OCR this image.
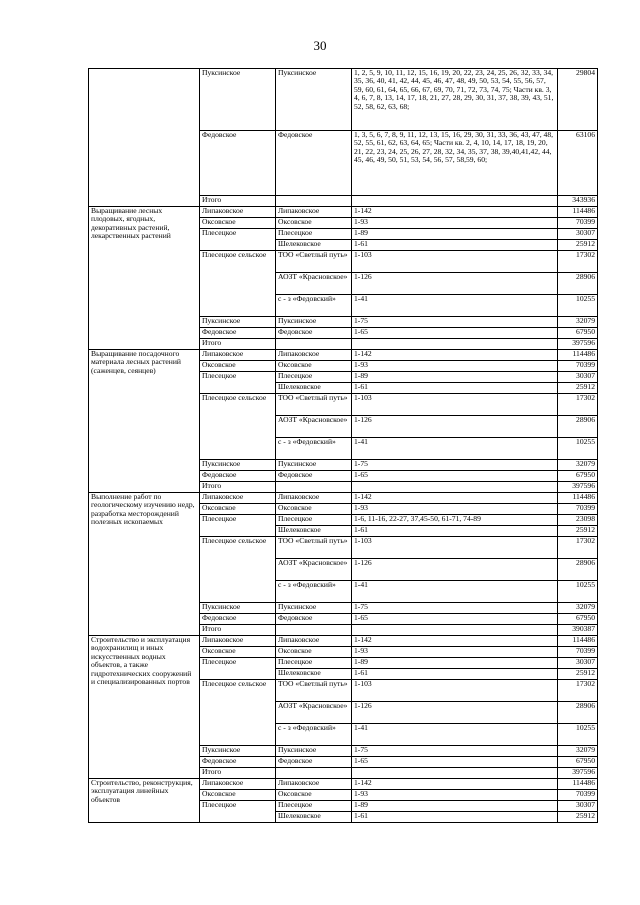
30
	Пуксинское	Пуксинское	1, 2, 5, 9, 10, 11, 12, 15, 16, 19, 20, 22, 23, 24, 25, 26, 32, 33, 34, 35, 36, 40, 41, 42, 44, 45, 46, 47, 48, 49, 50, 53, 54, 55, 56, 57, 59, 60, 61, 64, 65, 66, 67, 69, 70, 71, 72, 73, 74, 75; Части кв. 3, 4, 6, 7, 8, 13, 14, 17, 18, 21, 27, 28, 29, 30, 31, 37, 38, 39, 43, 51, 52, 58, 62, 63, 68;	29804
	Федовское	Федовское	1, 3, 5, 6, 7, 8, 9, 11, 12, 13, 15, 16, 29, 30, 31, 33, 36, 43, 47, 48, 52, 55, 61, 62, 63, 64, 65; Части кв. 2, 4, 10, 14, 17, 18, 19, 20, 21, 22, 23, 24, 25, 26, 27, 28, 32, 34, 35, 37, 38, 39,40,41,42, 44, 45, 46, 49, 50, 51, 53, 54, 56, 57, 58,59, 60;	63106
	Итого			343936
Выращивание лесных плодовых, ягодных, декоративных растений, лекарственных растений	Липаковское	Липаковское	1-142	114486
	Оксовское	Оксовское	1-93	70399
	Плесецкое	Плесецкое	1-89	30307
		Шелековское	1-61	25912
	Плесецкое сельское	ТОО «Светлый путь»	1-103	17302
		АОЗТ «Красновское»	1-126	28906
		с - з «Федовский»	1-41	10255
	Пуксинское	Пуксинское	1-75	32079
	Федовское	Федовское	1-65	67950
	Итого			397596
Выращивание посадочного материала лесных растений (саженцев, сеянцев)	Липаковское	Липаковское	1-142	114486
	Оксовское	Оксовское	1-93	70399
	Плесецкое	Плесецкое	1-89	30307
		Шелековское	1-61	25912
	Плесецкое сельское	ТОО «Светлый путь»	1-103	17302
		АОЗТ «Красновское»	1-126	28906
		с - з «Федовский»	1-41	10255
	Пуксинское	Пуксинское	1-75	32079
	Федовское	Федовское	1-65	67950
	Итого			397596
Выполнение работ по геологическому изучению недр, разработка месторождений полезных ископаемых	Липаковское	Липаковское	1-142	114486
	Оксовское	Оксовское	1-93	70399
	Плесецкое	Плесецкое	1-6, 11-16, 22-27, 37,45-50, 61-71, 74-89	23098
		Шелековское	1-61	25912
	Плесецкое сельское	ТОО «Светлый путь»	1-103	17302
		АОЗТ «Красновское»	1-126	28906
		с - з «Федовский»	1-41	10255
	Пуксинское	Пуксинское	1-75	32079
	Федовское	Федовское	1-65	67950
	Итого			390387
Строительство и эксплуатация водохранилищ и иных искусственных водных объектов, а также гидротехнических сооружений и специализированных портов	Липаковское	Липаковское	1-142	114486
	Оксовское	Оксовское	1-93	70399
	Плесецкое	Плесецкое	1-89	30307
		Шелековское	1-61	25912
	Плесецкое сельское	ТОО «Светлый путь»	1-103	17302
		АОЗТ «Красновское»	1-126	28906
		с - з «Федовский»	1-41	10255
	Пуксинское	Пуксинское	1-75	32079
	Федовское	Федовское	1-65	67950
	Итого			397596
Строительство, реконструкция, эксплуатация линейных объектов	Липаковское	Липаковское	1-142	114486
	Оксовское	Оксовское	1-93	70399
	Плесецкое	Плесецкое	1-89	30307
		Шелековское	1-61	25912
